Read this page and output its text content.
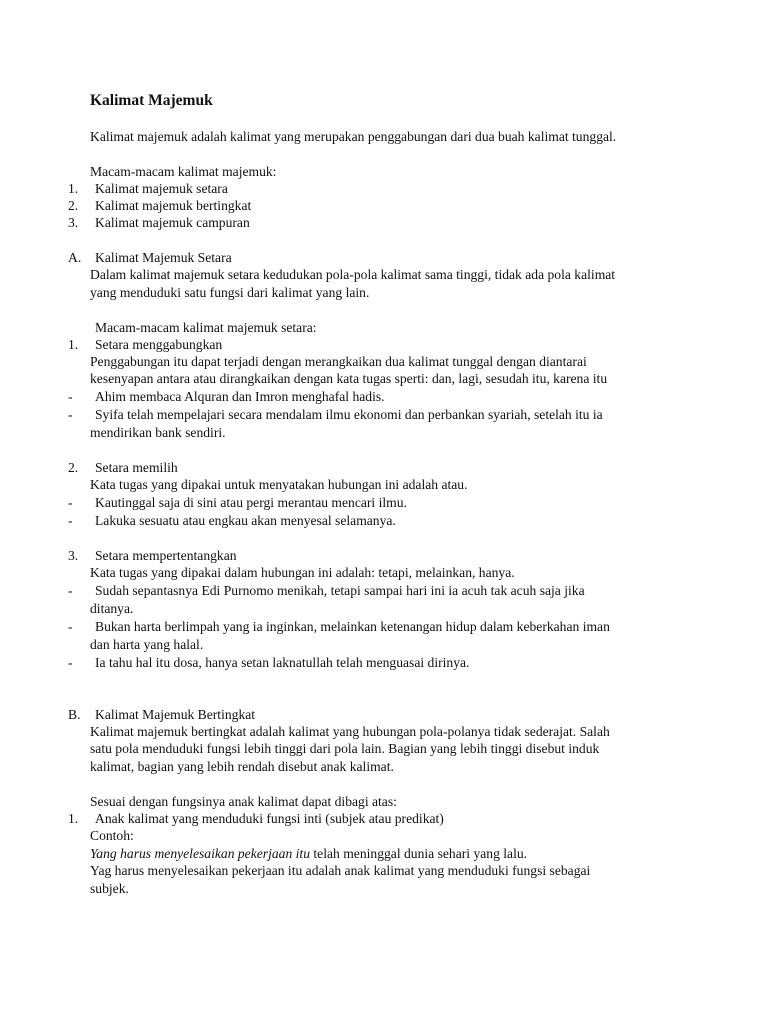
Kalimat Majemuk
Kalimat majemuk adalah kalimat yang merupakan penggabungan dari dua buah kalimat tunggal.
Macam-macam kalimat majemuk:
1. Kalimat majemuk setara
2. Kalimat majemuk bertingkat
3. Kalimat majemuk campuran
A. Kalimat Majemuk Setara
Dalam kalimat majemuk setara kedudukan pola-pola kalimat sama tinggi, tidak ada pola kalimat
yang menduduki satu fungsi dari kalimat yang lain.
Macam-macam kalimat majemuk setara:
1. Setara menggabungkan
Penggabungan itu dapat terjadi dengan merangkaikan dua kalimat tunggal dengan diantarai
kesenyapan antara atau dirangkaikan dengan kata tugas sperti: dan, lagi, sesudah itu, karena itu
- Ahim membaca Alquran dan Imron menghafal hadis.
- Syifa telah mempelajari secara mendalam ilmu ekonomi dan perbankan syariah, setelah itu ia
mendirikan bank sendiri.
2. Setara memilih
Kata tugas yang dipakai untuk menyatakan hubungan ini adalah atau.
- Kautinggal saja di sini atau pergi merantau mencari ilmu.
- Lakuka sesuatu atau engkau akan menyesal selamanya.
3. Setara mempertentangkan
Kata tugas yang dipakai dalam hubungan ini adalah: tetapi, melainkan, hanya.
- Sudah sepantasnya Edi Purnomo menikah, tetapi sampai hari ini ia acuh tak acuh saja jika
ditanya.
- Bukan harta berlimpah yang ia inginkan, melainkan ketenangan hidup dalam keberkahan iman
dan harta yang halal.
- Ia tahu hal itu dosa, hanya setan laknatullah telah menguasai dirinya.
B. Kalimat Majemuk Bertingkat
Kalimat majemuk bertingkat adalah kalimat yang hubungan pola-polanya tidak sederajat. Salah
satu pola menduduki fungsi lebih tinggi dari pola lain. Bagian yang lebih tinggi disebut induk
kalimat, bagian yang lebih rendah disebut anak kalimat.
Sesuai dengan fungsinya anak kalimat dapat dibagi atas:
1. Anak kalimat yang menduduki fungsi inti (subjek atau predikat)
Contoh:
Yang harus menyelesaikan pekerjaan itu telah meninggal dunia sehari yang lalu.
Yag harus menyelesaikan pekerjaan itu adalah anak kalimat yang menduduki fungsi sebagai
subjek.
